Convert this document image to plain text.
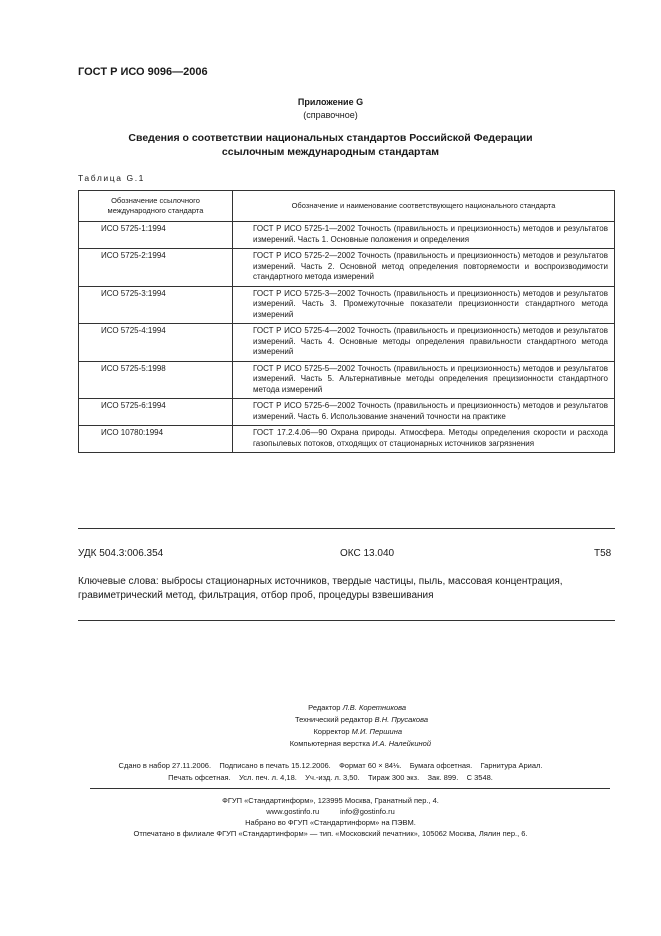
ГОСТ Р ИСО 9096—2006
Приложение G
(справочное)
Сведения о соответствии национальных стандартов Российской Федерации
ссылочным международным стандартам
Таблица G.1
Обозначение ссылочного международного стандарта	Обозначение и наименование соответствующего национального стандарта
ИСО 5725-1:1994	ГОСТ Р ИСО 5725-1—2002 Точность (правильность и прецизионность) методов и результатов измерений. Часть 1. Основные положения и определения

ИСО 5725-2:1994	ГОСТ Р ИСО 5725-2—2002 Точность (правильность и прецизионность) методов и результатов измерений. Часть 2. Основной метод определения повторяемости и воспроизводимости стандартного метода измерений

ИСО 5725-3:1994	ГОСТ Р ИСО 5725-3—2002 Точность (правильность и прецизионность) методов и результатов измерений. Часть 3. Промежуточные показатели прецизионности стандартного метода измерений

ИСО 5725-4:1994	ГОСТ Р ИСО 5725-4—2002 Точность (правильность и прецизионность) методов и результатов измерений. Часть 4. Основные методы определения правильности стандартного метода измерений

ИСО 5725-5:1998	ГОСТ Р ИСО 5725-5—2002 Точность (правильность и прецизионность) методов и результатов измерений. Часть 5. Альтернативные методы определения прецизионности стандартного метода измерений

ИСО 5725-6:1994	ГОСТ Р ИСО 5725-6—2002 Точность (правильность и прецизионность) методов и результатов измерений. Часть 6. Использование значений точности на практике

ИСО 10780:1994	ГОСТ 17.2.4.06—90 Охрана природы. Атмосфера. Методы определения скорости и расхода газопылевых потоков, отходящих от стационарных источников загрязнения
УДК 504.3:006.354	ОКС 13.040	Т58
Ключевые слова: выбросы стационарных источников, твердые частицы, пыль, массовая концентрация, гравиметрический метод, фильтрация, отбор проб, процедуры взвешивания
Редактор Л.В. Коретникова
Технический редактор В.Н. Прусакова
Корректор М.И. Першина
Компьютерная верстка И.А. Налейкиной
Сдано в набор 27.11.2006.    Подписано в печать 15.12.2006.    Формат 60 × 84⅛.    Бумага офсетная.    Гарнитура Ариал.
Печать офсетная.    Усл. печ. л. 4,18.    Уч.-изд. л. 3,50.    Тираж 300 экз.    Зак. 899.    С 3548.
ФГУП «Стандартинформ», 123995 Москва, Гранатный пер., 4.
www.gostinfo.ru          info@gostinfo.ru
Набрано во ФГУП «Стандартинформ» на ПЭВМ.
Отпечатано в филиале ФГУП «Стандартинформ» — тип. «Московский печатник», 105062 Москва, Лялин пер., 6.
